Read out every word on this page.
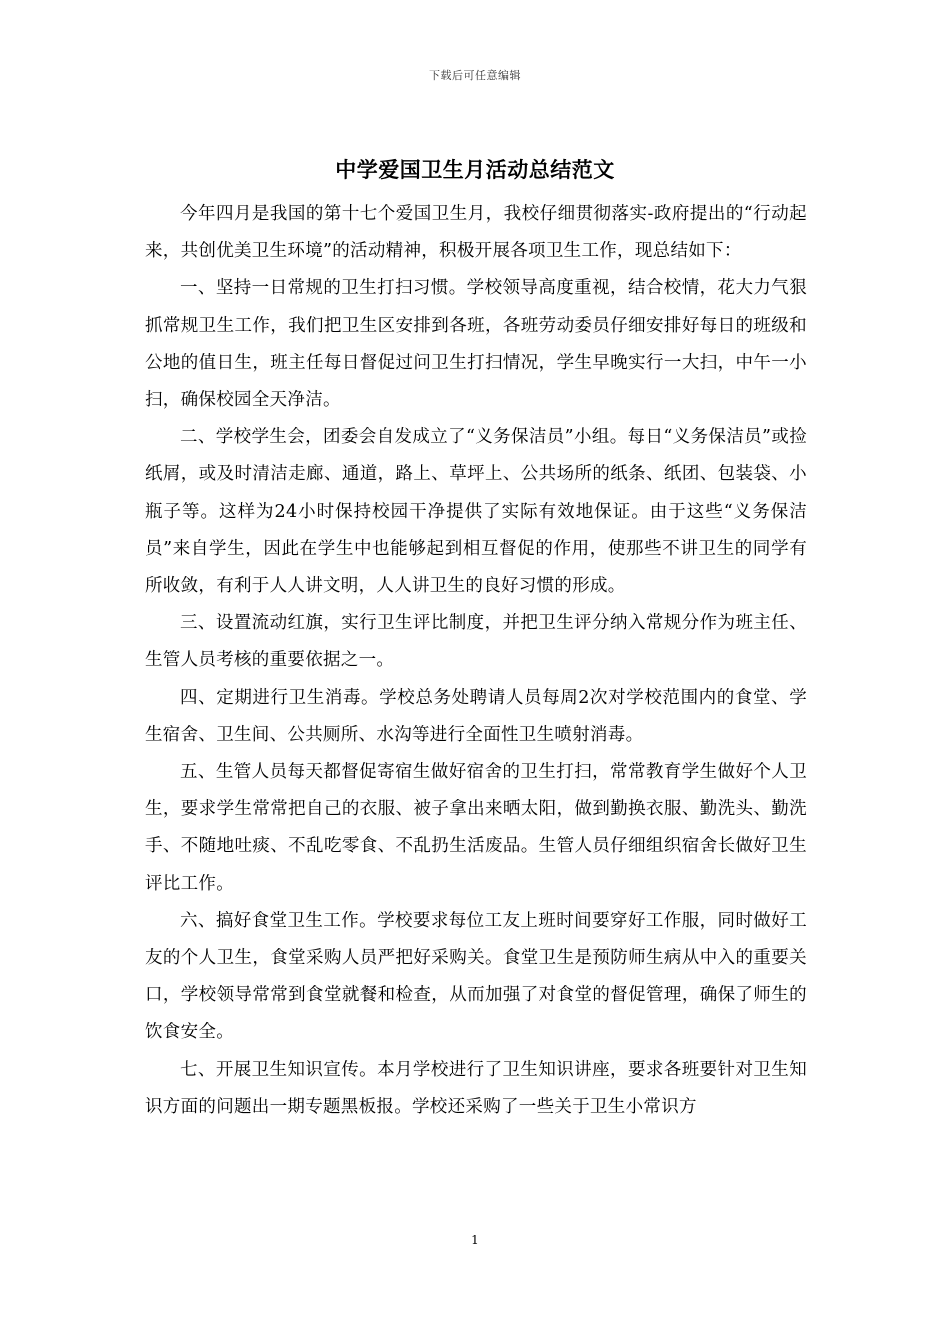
下载后可任意编辑
中学爱国卫生月活动总结范文

今年四月是我国的第十七个爱国卫生月，我校仔细贯彻落实-政府提出的“行动起来，共创优美卫生环境”的活动精神，积极开展各项卫生工作，现总结如下：

一、坚持一日常规的卫生打扫习惯。学校领导高度重视，结合校情，花大力气狠抓常规卫生工作，我们把卫生区安排到各班，各班劳动委员仔细安排好每日的班级和公地的值日生，班主任每日督促过问卫生打扫情况，学生早晚实行一大扫，中午一小扫，确保校园全天净洁。

二、学校学生会，团委会自发成立了“义务保洁员”小组。每日“义务保洁员”或捡纸屑，或及时清洁走廊、通道，路上、草坪上、公共场所的纸条、纸团、包装袋、小瓶子等。这样为24小时保持校园干净提供了实际有效地保证。由于这些“义务保洁员”来自学生，因此在学生中也能够起到相互督促的作用，使那些不讲卫生的同学有所收敛，有利于人人讲文明，人人讲卫生的良好习惯的形成。

三、设置流动红旗，实行卫生评比制度，并把卫生评分纳入常规分作为班主任、生管人员考核的重要依据之一。

四、定期进行卫生消毒。学校总务处聘请人员每周2次对学校范围内的食堂、学生宿舍、卫生间、公共厕所、水沟等进行全面性卫生喷射消毒。

五、生管人员每天都督促寄宿生做好宿舍的卫生打扫，常常教育学生做好个人卫生，要求学生常常把自己的衣服、被子拿出来晒太阳，做到勤换衣服、勤洗头、勤洗手、不随地吐痰、不乱吃零食、不乱扔生活废品。生管人员仔细组织宿舍长做好卫生评比工作。

六、搞好食堂卫生工作。学校要求每位工友上班时间要穿好工作服，同时做好工友的个人卫生，食堂采购人员严把好采购关。食堂卫生是预防师生病从中入的重要关口，学校领导常常到食堂就餐和检查，从而加强了对食堂的督促管理，确保了师生的饮食安全。

七、开展卫生知识宣传。本月学校进行了卫生知识讲座，要求各班要针对卫生知识方面的问题出一期专题黑板报。学校还采购了一些关于卫生小常识方

1
